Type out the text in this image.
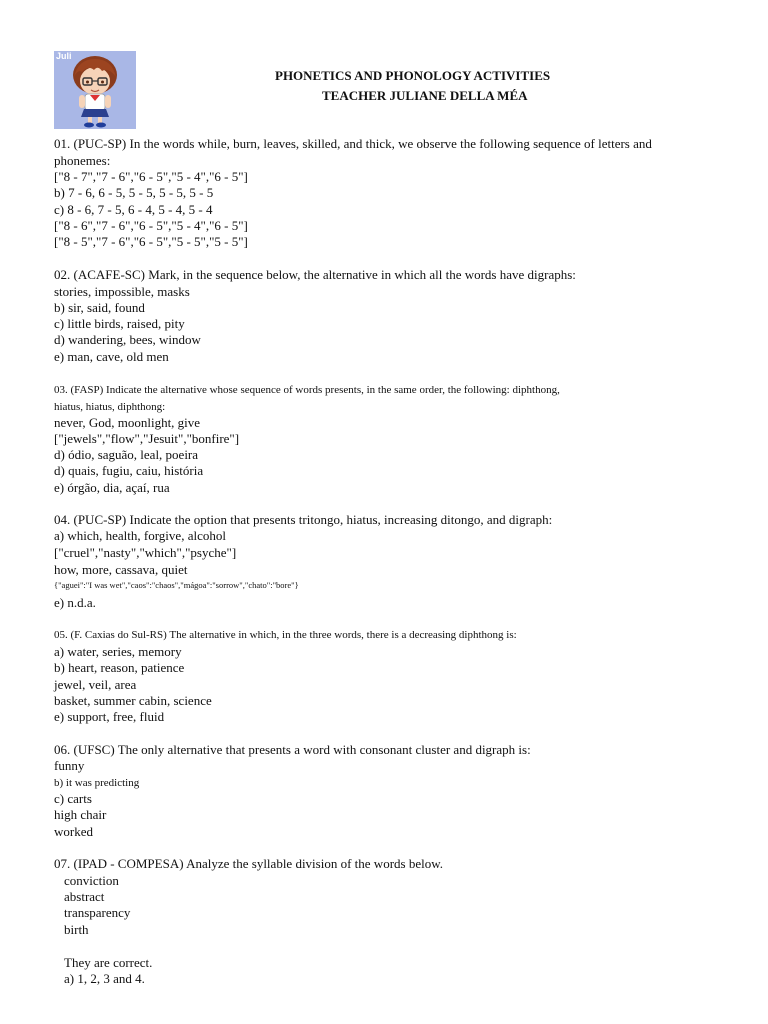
Juli
PHONETICS AND PHONOLOGY ACTIVITIES
TEACHER JULIANE DELLA MÉA
01. (PUC-SP) In the words while, burn, leaves, skilled, and thick, we observe the following sequence of letters and
phonemes:
["8 - 7","7 - 6","6 - 5","5 - 4","6 - 5"]
b) 7 - 6, 6 - 5, 5 - 5, 5 - 5, 5 - 5
c) 8 - 6, 7 - 5, 6 - 4, 5 - 4, 5 - 4
["8 - 6","7 - 6","6 - 5","5 - 4","6 - 5"]
["8 - 5","7 - 6","6 - 5","5 - 5","5 - 5"]
02. (ACAFE-SC) Mark, in the sequence below, the alternative in which all the words have digraphs:
stories, impossible, masks
b) sir, said, found
c) little birds, raised, pity
d) wandering, bees, window
e) man, cave, old men
03. (FASP) Indicate the alternative whose sequence of words presents, in the same order, the following: diphthong,
hiatus, hiatus, diphthong:
never, God, moonlight, give
["jewels","flow","Jesuit","bonfire"]
d) ódio, saguão, leal, poeira
d) quais, fugiu, caiu, história
e) órgão, dia, açaí, rua
04. (PUC-SP) Indicate the option that presents tritongo, hiatus, increasing ditongo, and digraph:
a) which, health, forgive, alcohol
["cruel","nasty","which","psyche"]
how, more, cassava, quiet
{"aguei":"I was wet","caos":"chaos","mágoa":"sorrow","chato":"bore"}
e) n.d.a.
05. (F. Caxias do Sul-RS) The alternative in which, in the three words, there is a decreasing diphthong is:
a) water, series, memory
b) heart, reason, patience
jewel, veil, area
basket, summer cabin, science
e) support, free, fluid
06. (UFSC) The only alternative that presents a word with consonant cluster and digraph is:
funny
b) it was predicting
c) carts
high chair
worked
07. (IPAD - COMPESA) Analyze the syllable division of the words below.
conviction
abstract
transparency
birth
They are correct.
a) 1, 2, 3 and 4.
